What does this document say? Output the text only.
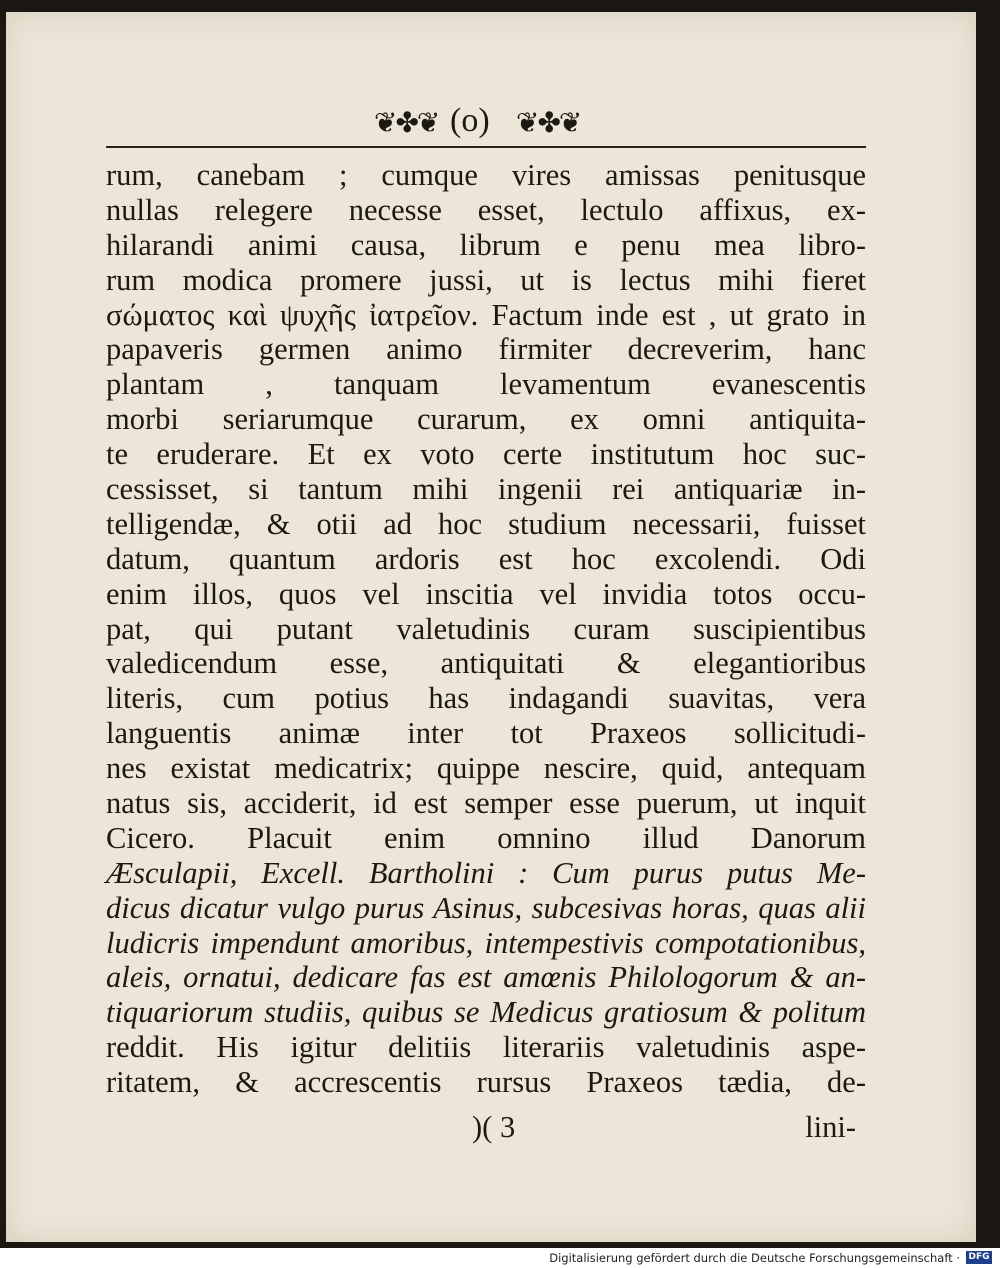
❦✤❦ (o) ❦✤❦
rum, canebam ; cumque vires amissas penitusque
nullas relegere necesse esset, lectulo affixus, ex-
hilarandi animi causa, librum e penu mea libro-
rum modica promere jussi, ut is lectus mihi fieret
σώματος καὶ ψυχῆς ἰατρεῖον. Factum inde est , ut grato in
papaveris germen animo firmiter decreverim, hanc
plantam , tanquam levamentum evanescentis
morbi seriarumque curarum, ex omni antiquita-
te eruderare. Et ex voto certe institutum hoc suc-
cessisset, si tantum mihi ingenii rei antiquariæ in-
telligendæ, & otii ad hoc studium necessarii, fuisset
datum, quantum ardoris est hoc excolendi. Odi
enim illos, quos vel inscitia vel invidia totos occu-
pat, qui putant valetudinis curam suscipientibus
valedicendum esse, antiquitati & elegantioribus
literis, cum potius has indagandi suavitas, vera
languentis animæ inter tot Praxeos sollicitudi-
nes existat medicatrix; quippe nescire, quid, antequam
natus sis, acciderit, id est semper esse puerum, ut inquit
Cicero. Placuit enim omnino illud Danorum
Æsculapii, Excell. Bartholini : Cum purus putus Me-
dicus dicatur vulgo purus Asinus, subcesivas horas, quas alii
ludicris impendunt amoribus, intempestivis compotationibus,
aleis, ornatui, dedicare fas est amœnis Philologorum & an-
tiquariorum studiis, quibus se Medicus gratiosum & politum
reddit. His igitur delitiis literariis valetudinis aspe-
ritatem, & accrescentis rursus Praxeos tædia, de-
)( 3	lini-
Digitalisierung gefördert durch die Deutsche Forschungsgemeinschaft · DFG
